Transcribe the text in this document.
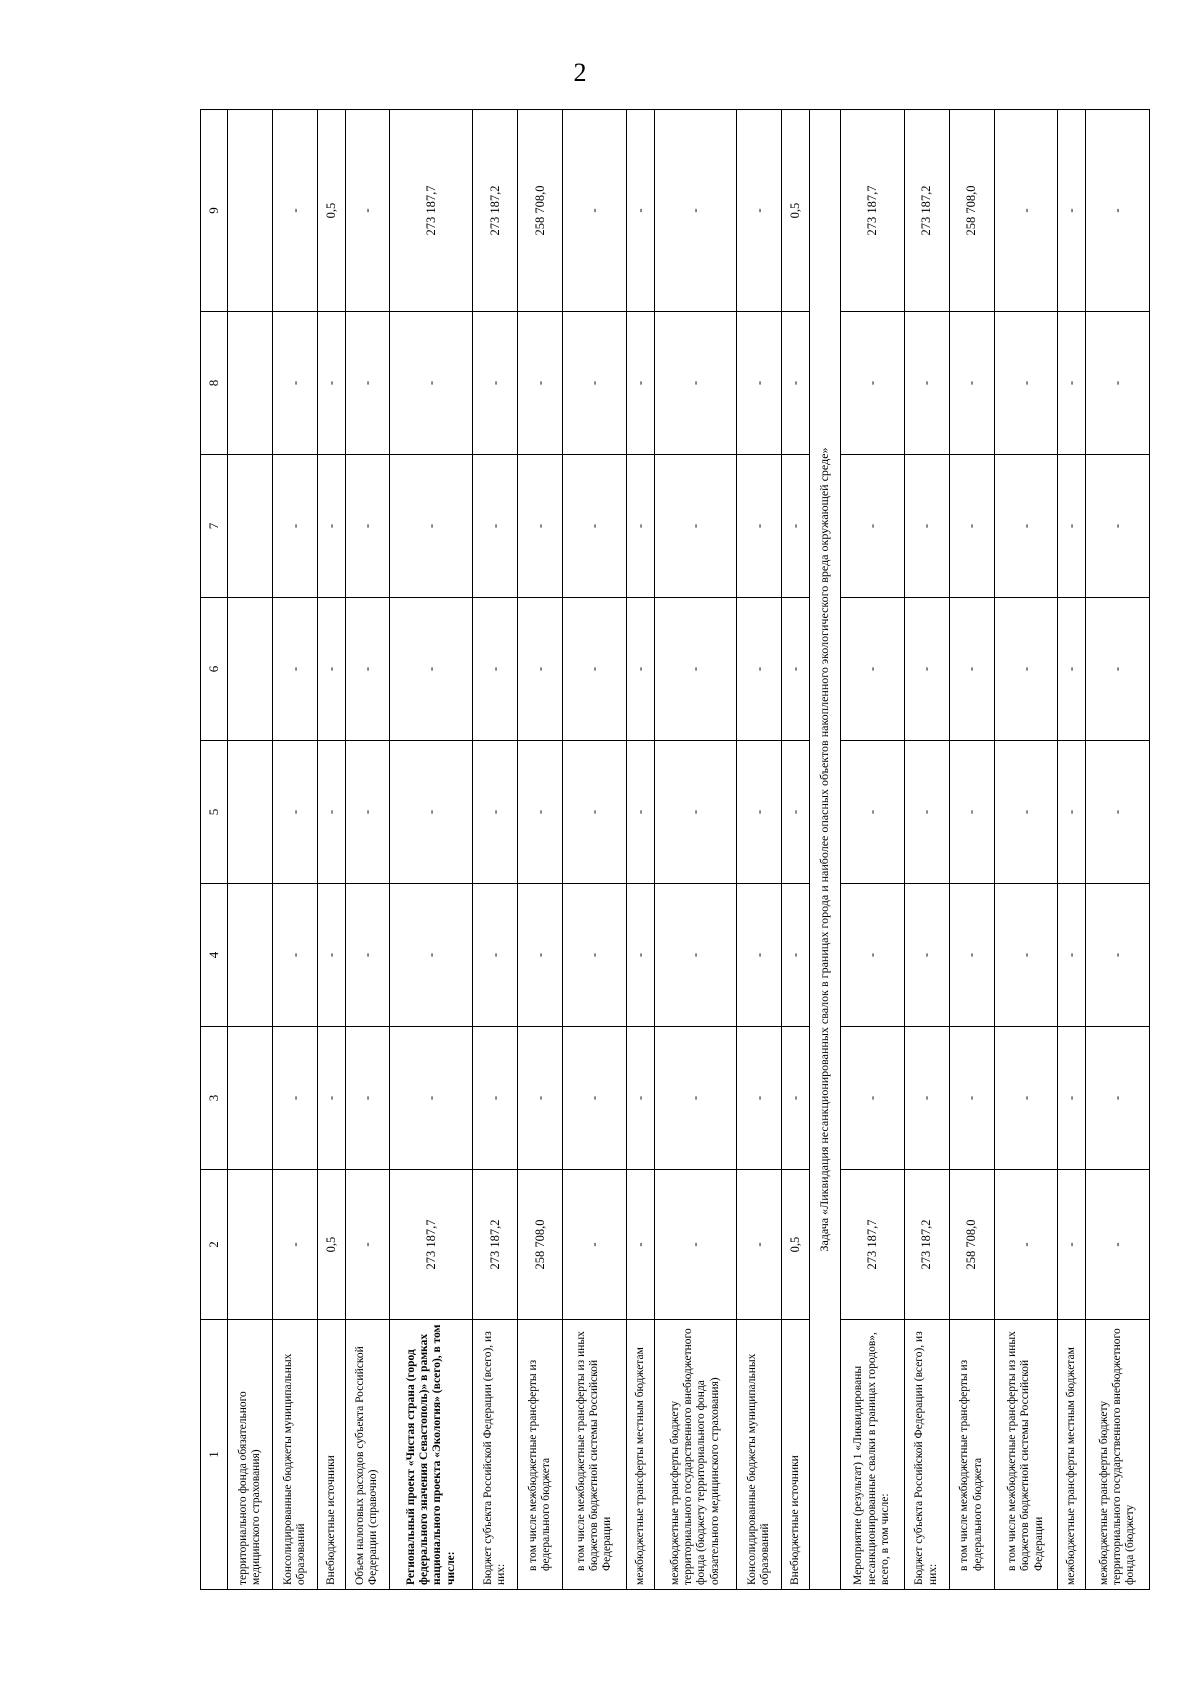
2
1	2	3	4	5	6	7	8	9
территориального фонда обязательного медицинского страхования)								
Консолидированные бюджеты муниципальных образований	-	-	-	-	-	-	-	-
Внебюджетные источники	0,5	-	-	-	-	-	-	0,5
Объем налоговых расходов субъекта Российской Федерации (справочно)	-	-	-	-	-	-	-	-
Региональный проект «Чистая страна (город федерального значения Севастополь)» в рамках национального проекта «Экология» (всего), в том числе:	273 187,7	-	-	-	-	-	-	273 187,7
Бюджет субъекта Российской Федерации (всего), из них:	273 187,2	-	-	-	-	-	-	273 187,2
в том числе межбюджетные трансферты из федерального бюджета	258 708,0	-	-	-	-	-	-	258 708,0
в том числе межбюджетные трансферты из иных бюджетов бюджетной системы Российской Федерации	-	-	-	-	-	-	-	-
межбюджетные трансферты местным бюджетам	-	-	-	-	-	-	-	-
межбюджетные трансферты бюджету территориального государственного внебюджетного фонда (бюджету территориального фонда обязательного медицинского страхования)	-	-	-	-	-	-	-	-
Консолидированные бюджеты муниципальных образований	-	-	-	-	-	-	-	-
Внебюджетные источники	0,5	-	-	-	-	-	-	0,5
Задача «Ликвидация несанкционированных свалок в границах города и наиболее опасных объектов накопленного экологического вреда окружающей среде»								
Мероприятие (результат) 1 «Ликвидированы несанкционированные свалки в границах городов», всего, в том числе:	273 187,7	-	-	-	-	-	-	273 187,7
Бюджет субъекта Российской Федерации (всего), из них:	273 187,2	-	-	-	-	-	-	273 187,2
в том числе межбюджетные трансферты из федерального бюджета	258 708,0	-	-	-	-	-	-	258 708,0
в том числе межбюджетные трансферты из иных бюджетов бюджетной системы Российской Федерации	-	-	-	-	-	-	-	-
межбюджетные трансферты местным бюджетам	-	-	-	-	-	-	-	-
межбюджетные трансферты бюджету территориального государственного внебюджетного фонда (бюджету	-	-	-	-	-	-	-	-
